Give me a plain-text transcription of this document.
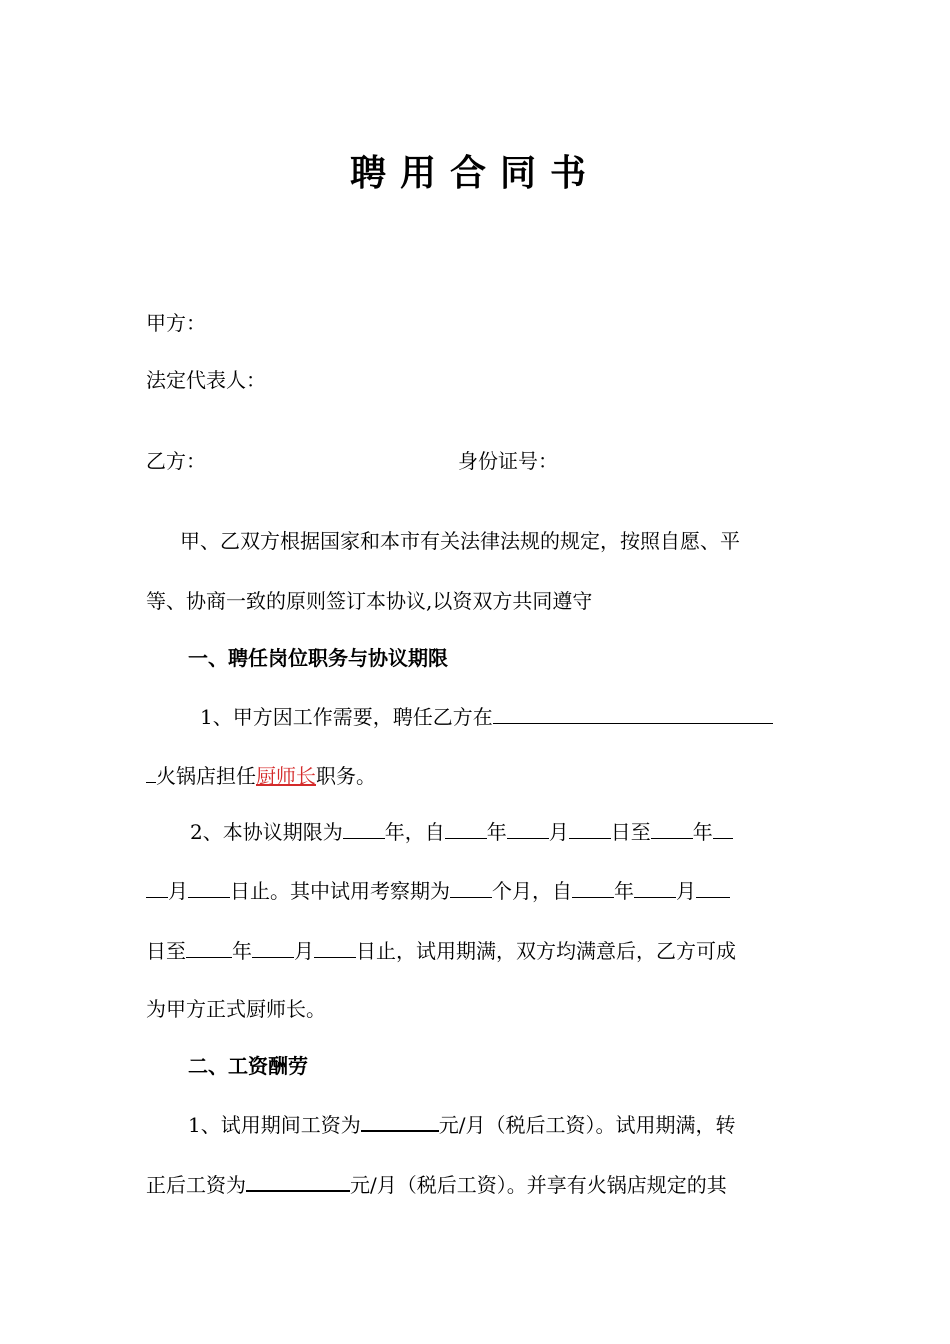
聘用合同书
甲方：
法定代表人：
乙方：	身份证号：
甲、乙双方根据国家和本市有关法律法规的规定，按照自愿、平
等、协商一致的原则签订本协议,以资双方共同遵守
一、聘任岗位职务与协议期限
1、甲方因工作需要，聘任乙方在
火锅店担任厨师长职务。
2、本协议期限为 年，自 年 月 日至 年
月 日止。其中试用考察期为 个月，自 年 月
日至 年 月 日止，试用期满，双方均满意后，乙方可成
为甲方正式厨师长。
二、工资酬劳
1、试用期间工资为	元/月（税后工资）。试用期满，转
正后工资为	元/月（税后工资）。并享有火锅店规定的其
